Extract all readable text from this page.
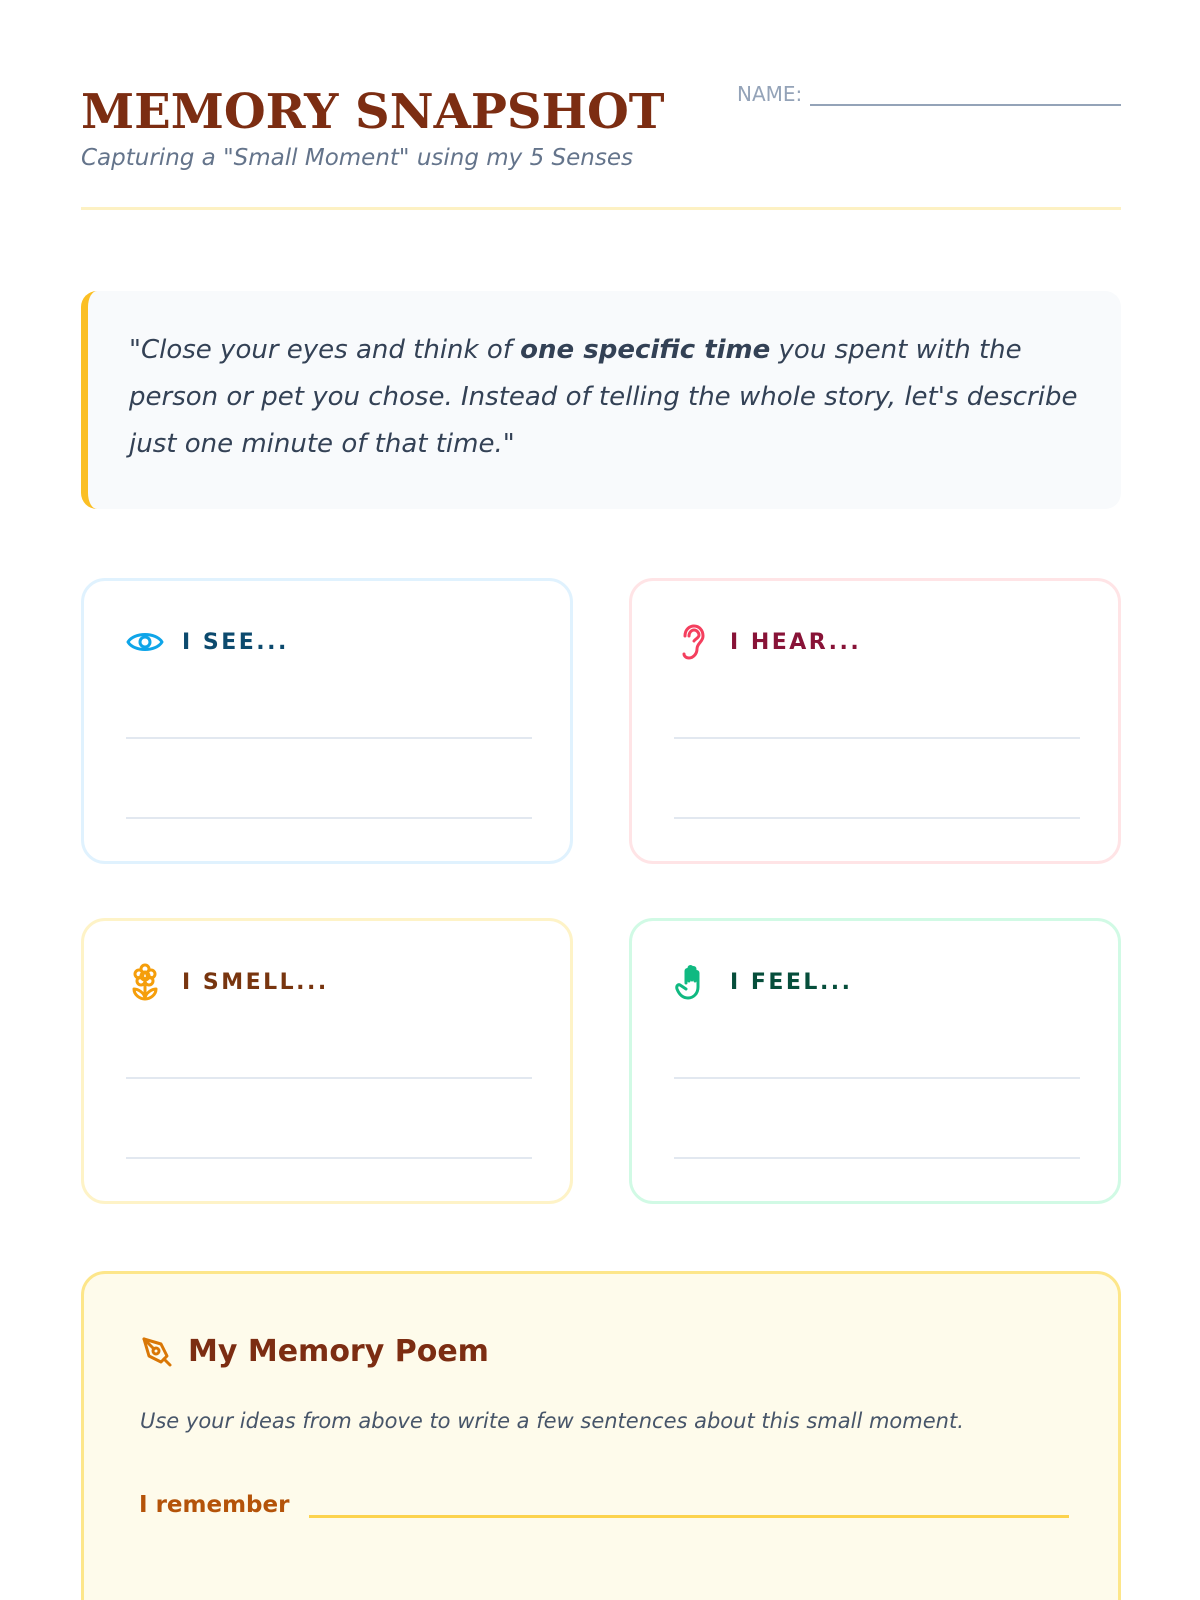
MEMORY SNAPSHOT
Capturing a "Small Moment" using my 5 Senses
NAME:

"Close your eyes and think of one specific time you spent with the person or pet you chose. Instead of telling the whole story, let's describe just one minute of that time."

I SEE...	I HEAR...
I SMELL...	I FEEL...
My Memory Poem
Use your ideas from above to write a few sentences about this small moment.
I remember
